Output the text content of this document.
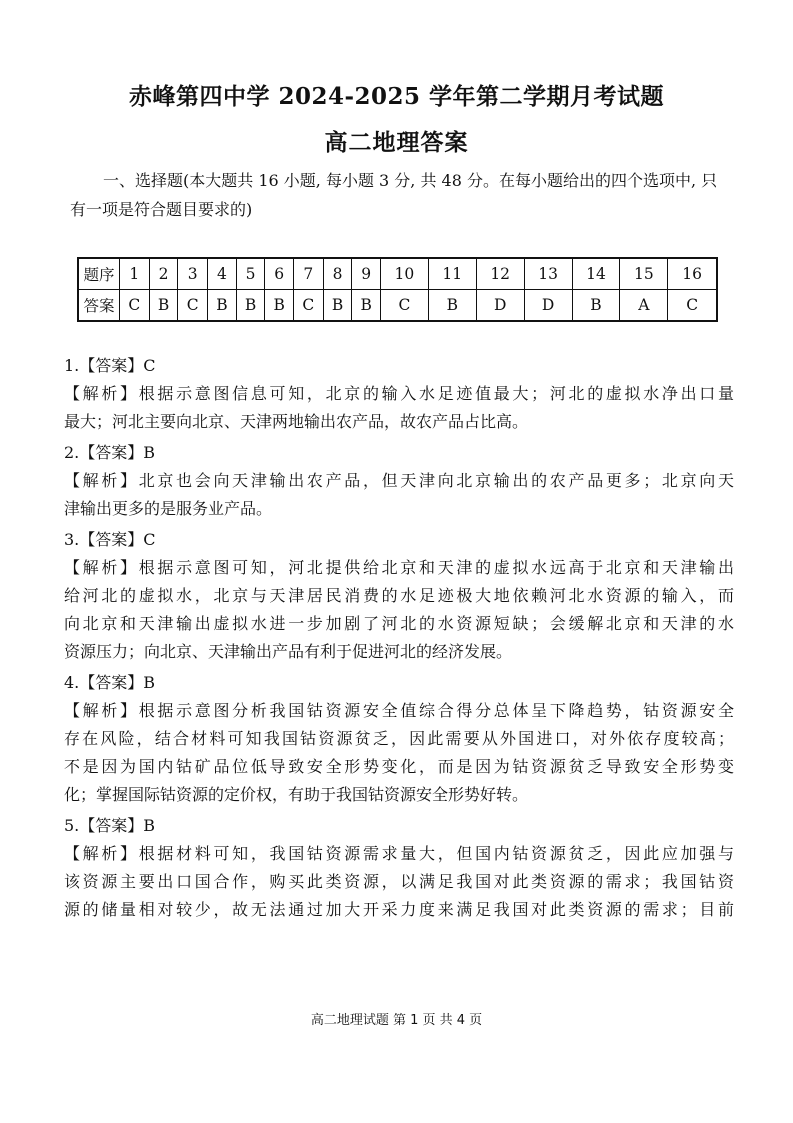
赤峰第四中学 2024-2025 学年第二学期月考试题
高二地理答案
一、选择题(本大题共 16 小题, 每小题 3 分, 共 48 分。在每小题给出的四个选项中, 只有一项是符合题目要求的)
题序	1	2	3	4	5	6	7	8	9	10	11	12	13	14	15	16
答案	C	B	C	B	B	B	C	B	B	C	B	D	D	B	A	C
1.【答案】C
【解析】根据示意图信息可知，北京的输入水足迹值最大；河北的虚拟水净出口量
最大；河北主要向北京、天津两地输出农产品，故农产品占比高。
2.【答案】B
【解析】北京也会向天津输出农产品，但天津向北京输出的农产品更多；北京向天
津输出更多的是服务业产品。
3.【答案】C
【解析】根据示意图可知，河北提供给北京和天津的虚拟水远高于北京和天津输出
给河北的虚拟水，北京与天津居民消费的水足迹极大地依赖河北水资源的输入，而
向北京和天津输出虚拟水进一步加剧了河北的水资源短缺；会缓解北京和天津的水
资源压力；向北京、天津输出产品有利于促进河北的经济发展。
4.【答案】B
【解析】根据示意图分析我国钴资源安全值综合得分总体呈下降趋势，钴资源安全
存在风险，结合材料可知我国钴资源贫乏，因此需要从外国进口，对外依存度较高；
不是因为国内钴矿品位低导致安全形势变化，而是因为钴资源贫乏导致安全形势变
化；掌握国际钴资源的定价权，有助于我国钴资源安全形势好转。
5.【答案】B
【解析】根据材料可知，我国钴资源需求量大，但国内钴资源贫乏，因此应加强与
该资源主要出口国合作，购买此类资源，以满足我国对此类资源的需求；我国钴资
源的储量相对较少，故无法通过加大开采力度来满足我国对此类资源的需求；目前
高二地理试题 第 1 页 共 4 页
